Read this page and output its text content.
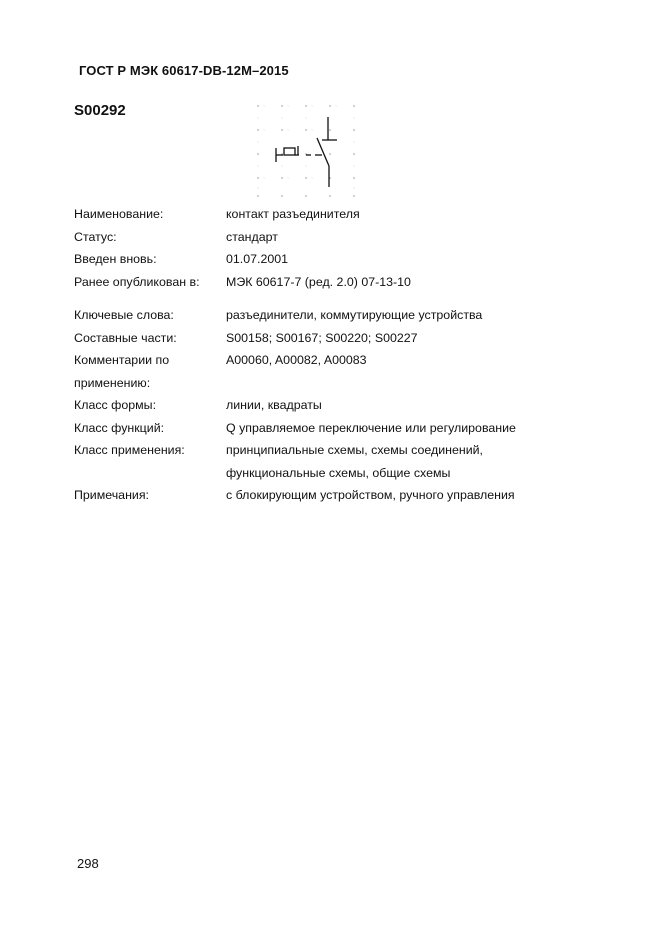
ГОСТ Р МЭК 60617-DB-12M–2015
S00292
Наименование:	контакт разъединителя
Статус:	стандарт
Введен вновь:	01.07.2001
Ранее опубликован в:	МЭК 60617-7 (ред. 2.0) 07-13-10
Ключевые слова:	разъединители, коммутирующие устройства
Составные части:	S00158; S00167; S00220; S00227
Комментарии по	A00060, A00082, A00083
применению:
Класс формы:	линии, квадраты
Класс функций:	Q управляемое переключение или регулирование
Класс применения:	принципиальные схемы, схемы соединений,
функциональные схемы, общие схемы
Примечания:	с блокирующим устройством, ручного управления
298
